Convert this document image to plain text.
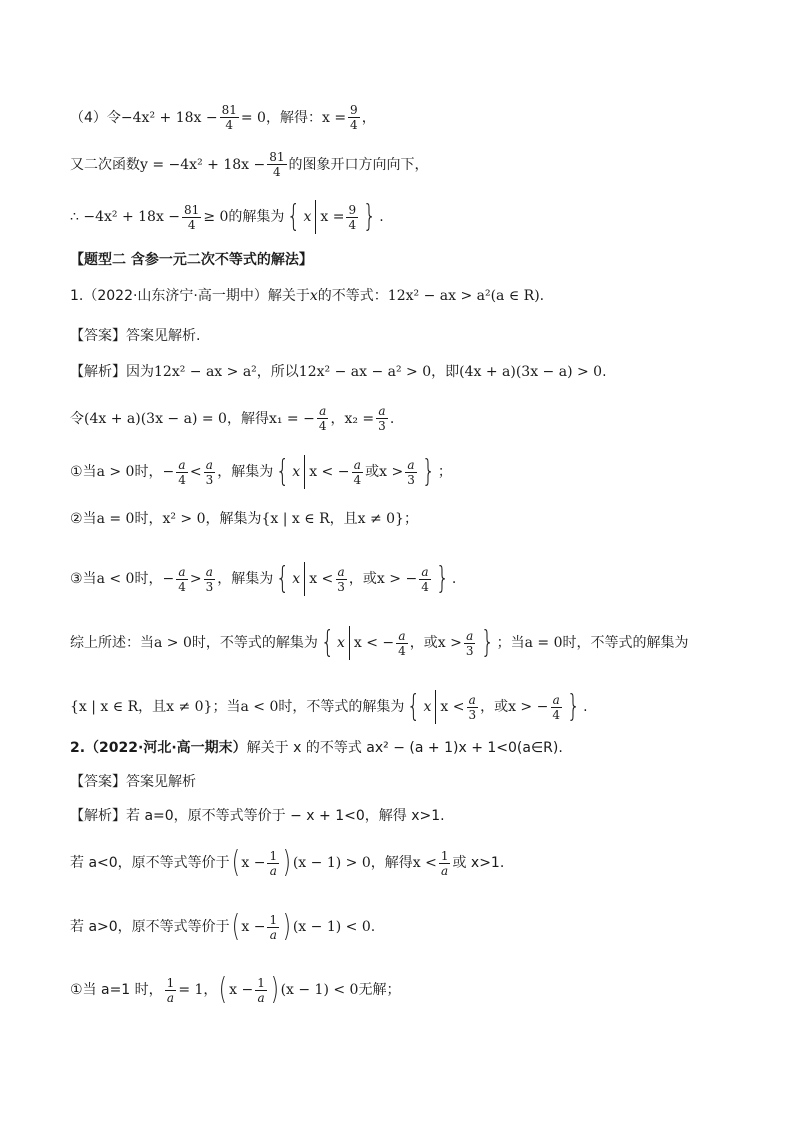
（4）令 $-4x^2 + 18x - \frac{81}{4} = 0$ ，解得： $x = \frac{9}{4}$ ，
又二次函数 $y = -4x^2 + 18x - \frac{81}{4}$ 的图象开口方向向下，
∴ $-4x^2 + 18x - \frac{81}{4} \ge 0$ 的解集为 { x $x = \frac{9}{4}$ } .
【题型二 含参一元二次不等式的解法】
1.（2022·山东济宁·高一期中）解关于 x 的不等式： 12x² − ax > a²(a ∈ R) .
【答案】答案见解析.
【解析】因为 12x² − ax > a² ，所以 12x² − ax − a² > 0 ，即 (4x + a)(3x − a) > 0 .
令 (4x + a)(3x − a) = 0 ，解得 x₁ = − $\frac{a}{4}$ ， $x_2 = \frac{a}{3}$ .
①当 a > 0 时， − $\frac{a}{4} < \frac{a}{3}$ ，解集为 { x x < − $\frac{a}{4}$ 或 $x > \frac{a}{3}$ } ；
②当 a = 0 时， x² > 0 ，解集为 {x | x ∈ R ，且 x ≠ 0} ；
③当 a < 0 时， − $\frac{a}{4} > \frac{a}{3}$ ，解集为 { x $x < \frac{a}{3}$ ，或 x > − $\frac{a}{4}$ } .
综上所述：当 a > 0 时，不等式的解集为 { x x < − $\frac{a}{4}$ ，或 $x > \frac{a}{3}$ } ；当 a = 0 时，不等式的解集为
{x | x ∈ R ，且 x ≠ 0} ；当 a < 0 时，不等式的解集为 { x $x < \frac{a}{3}$ ，或 x > − $\frac{a}{4}$ } .
2.（2022·河北·高一期末） 解关于 x 的不等式 ax² − (a + 1)x + 1<0(a∈R).
【答案】答案见解析
【解析】若 a=0，原不等式等价于 − x + 1<0，解得 x>1.
若 a<0，原不等式等价于 ( $x - \frac{1}{a}$ ) (x − 1) > 0 ，解得 $x < \frac{1}{a}$ 或 x>1.
若 a>0，原不等式等价于 ( $x - \frac{1}{a}$ ) (x − 1) < 0 .
①当 a=1 时， $\frac{1}{a} = 1$ ， ( $x - \frac{1}{a}$ ) (x − 1) < 0 无解；
